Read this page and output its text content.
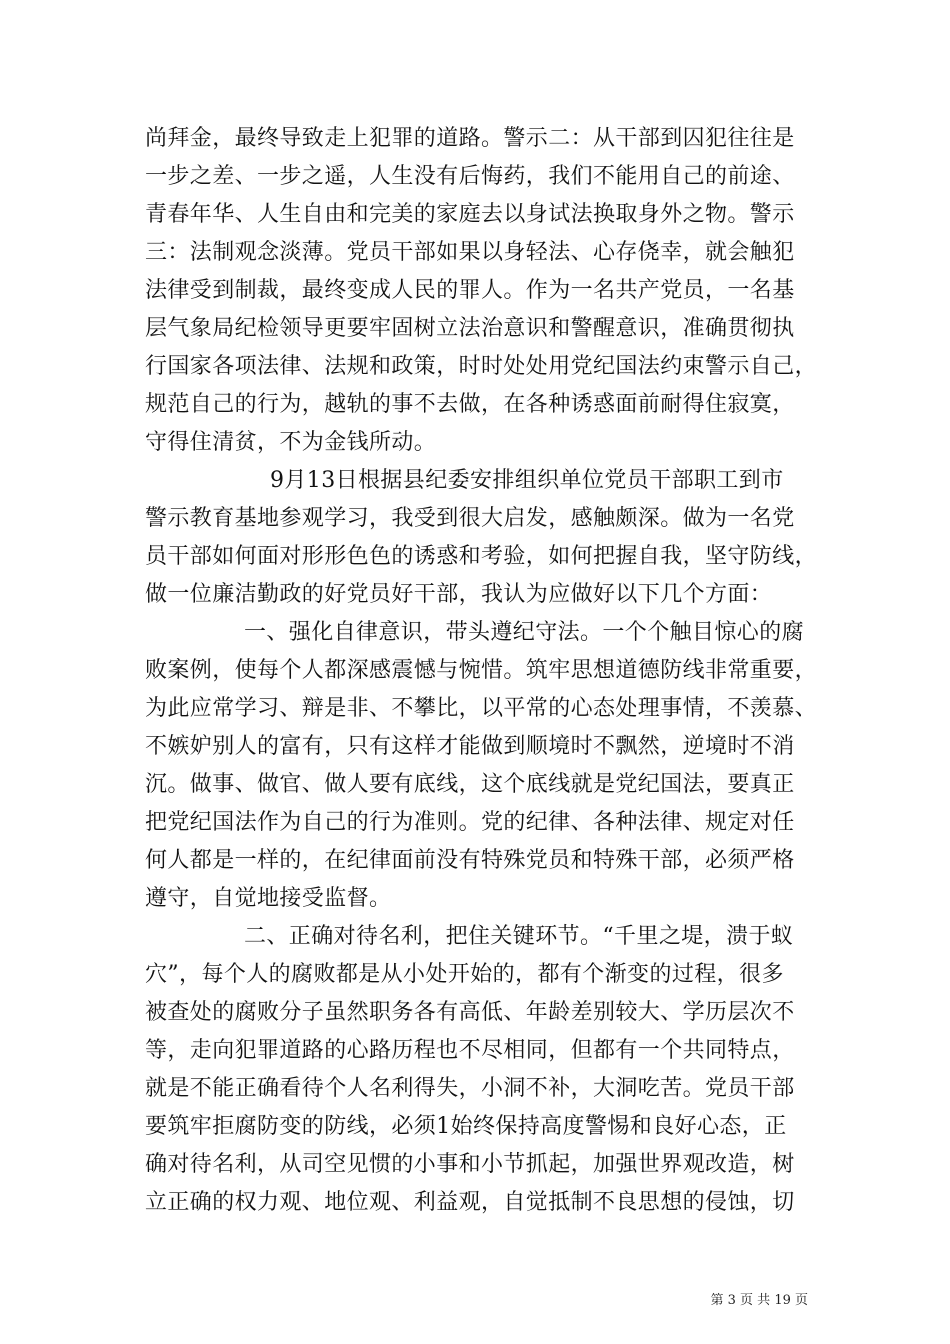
尚拜金，最终导致走上犯罪的道路。警示二：从干部到囚犯往往是
一步之差、一步之遥，人生没有后悔药，我们不能用自己的前途、
青春年华、人生自由和完美的家庭去以身试法换取身外之物。警示
三：法制观念淡薄。党员干部如果以身轻法、心存侥幸，就会触犯
法律受到制裁，最终变成人民的罪人。作为一名共产党员，一名基
层气象局纪检领导更要牢固树立法治意识和警醒意识，准确贯彻执
行国家各项法律、法规和政策，时时处处用党纪国法约束警示自己，
规范自己的行为，越轨的事不去做，在各种诱惑面前耐得住寂寞，
守得住清贫，不为金钱所动。
9月13日根据县纪委安排组织单位党员干部职工到市
警示教育基地参观学习，我受到很大启发，感触颇深。做为一名党
员干部如何面对形形色色的诱惑和考验，如何把握自我，坚守防线，
做一位廉洁勤政的好党员好干部，我认为应做好以下几个方面：
一、强化自律意识，带头遵纪守法。一个个触目惊心的腐
败案例，使每个人都深感震憾与惋惜。筑牢思想道德防线非常重要，
为此应常学习、辩是非、不攀比，以平常的心态处理事情，不羡慕、
不嫉妒别人的富有，只有这样才能做到顺境时不飘然，逆境时不消
沉。做事、做官、做人要有底线，这个底线就是党纪国法，要真正
把党纪国法作为自己的行为准则。党的纪律、各种法律、规定对任
何人都是一样的，在纪律面前没有特殊党员和特殊干部，必须严格
遵守，自觉地接受监督。
二、正确对待名利，把住关键环节。“千里之堤，溃于蚁
穴”，每个人的腐败都是从小处开始的，都有个渐变的过程，很多
被查处的腐败分子虽然职务各有高低、年龄差别较大、学历层次不
等，走向犯罪道路的心路历程也不尽相同，但都有一个共同特点，
就是不能正确看待个人名利得失，小洞不补，大洞吃苦。党员干部
要筑牢拒腐防变的防线，必须1始终保持高度警惕和良好心态，正
确对待名利，从司空见惯的小事和小节抓起，加强世界观改造，树
立正确的权力观、地位观、利益观，自觉抵制不良思想的侵蚀，切
第 3 页 共 19 页
